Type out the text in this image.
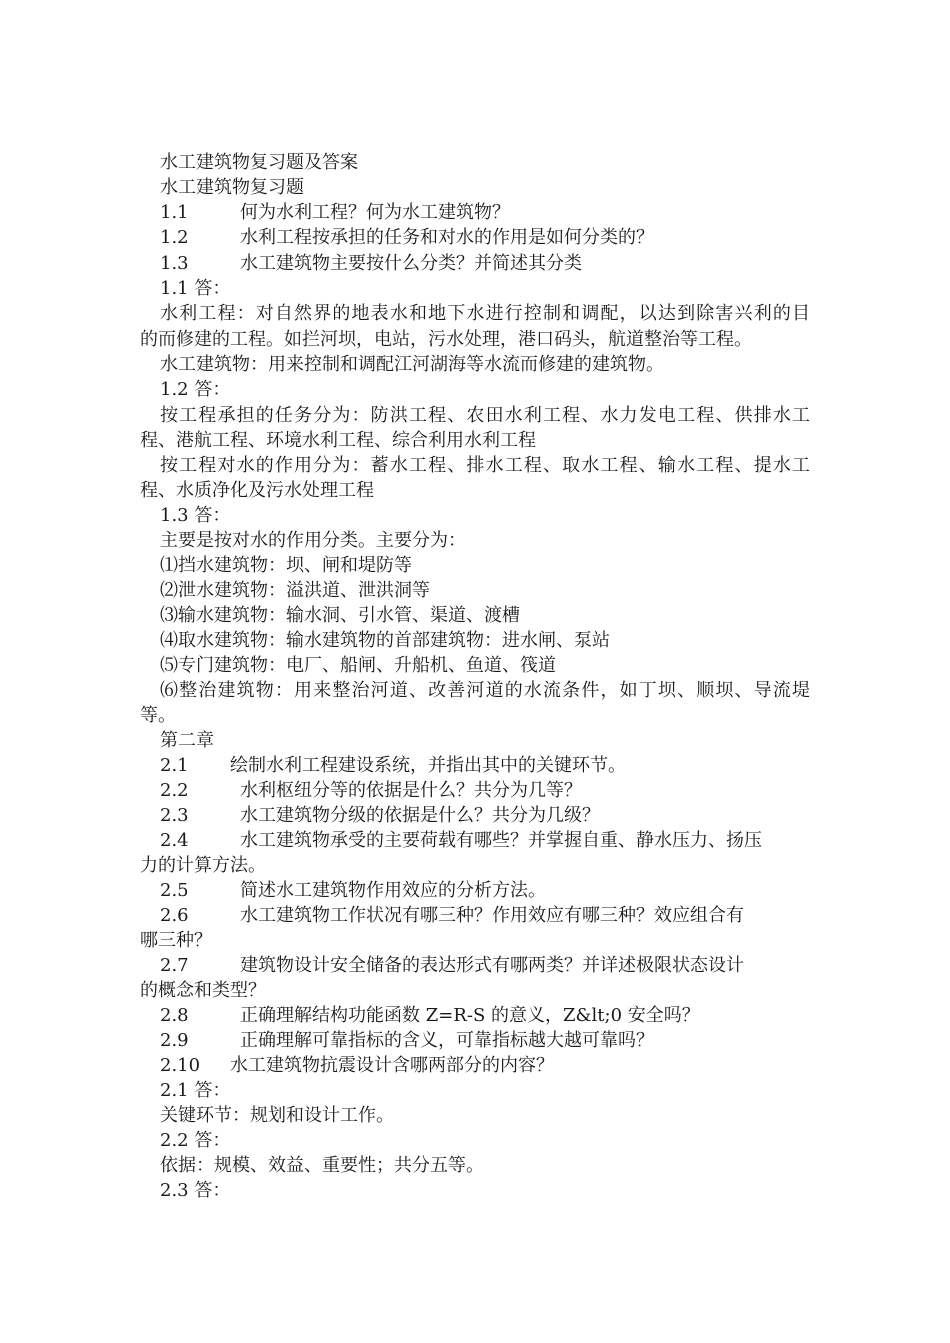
水工建筑物复习题及答案
水工建筑物复习题
1.1	何为水利工程？何为水工建筑物？
1.2	水利工程按承担的任务和对水的作用是如何分类的？
1.3	水工建筑物主要按什么分类？并简述其分类
1.1 答：
水利工程：对自然界的地表水和地下水进行控制和调配，以达到除害兴利的目
的而修建的工程。如拦河坝，电站，污水处理，港口码头，航道整治等工程。
水工建筑物：用来控制和调配江河湖海等水流而修建的建筑物。
1.2 答：
按工程承担的任务分为：防洪工程、农田水利工程、水力发电工程、供排水工
程、港航工程、环境水利工程、综合利用水利工程
按工程对水的作用分为：蓄水工程、排水工程、取水工程、输水工程、提水工
程、水质净化及污水处理工程
1.3 答：
主要是按对水的作用分类。主要分为：
⑴挡水建筑物：坝、闸和堤防等
⑵泄水建筑物：溢洪道、泄洪洞等
⑶输水建筑物：输水洞、引水管、渠道、渡槽
⑷取水建筑物：输水建筑物的首部建筑物：进水闸、泵站
⑸专门建筑物：电厂、船闸、升船机、鱼道、筏道
⑹整治建筑物：用来整治河道、改善河道的水流条件，如丁坝、顺坝、导流堤
等。
第二章
2.1 绘制水利工程建设系统，并指出其中的关键环节。
2.2	水利枢纽分等的依据是什么？共分为几等？
2.3	水工建筑物分级的依据是什么？共分为几级？
2.4	水工建筑物承受的主要荷载有哪些？并掌握自重、静水压力、扬压
力的计算方法。
2.5	简述水工建筑物作用效应的分析方法。
2.6	水工建筑物工作状况有哪三种？作用效应有哪三种？效应组合有
哪三种？
2.7	建筑物设计安全储备的表达形式有哪两类？并详述极限状态设计
的概念和类型？
2.8	正确理解结构功能函数 Z=R-S 的意义，Z&lt;0 安全吗？
2.9	正确理解可靠指标的含义，可靠指标越大越可靠吗？
2.10 水工建筑物抗震设计含哪两部分的内容？
2.1 答：
关键环节：规划和设计工作。
2.2 答：
依据：规模、效益、重要性；共分五等。
2.3 答：
